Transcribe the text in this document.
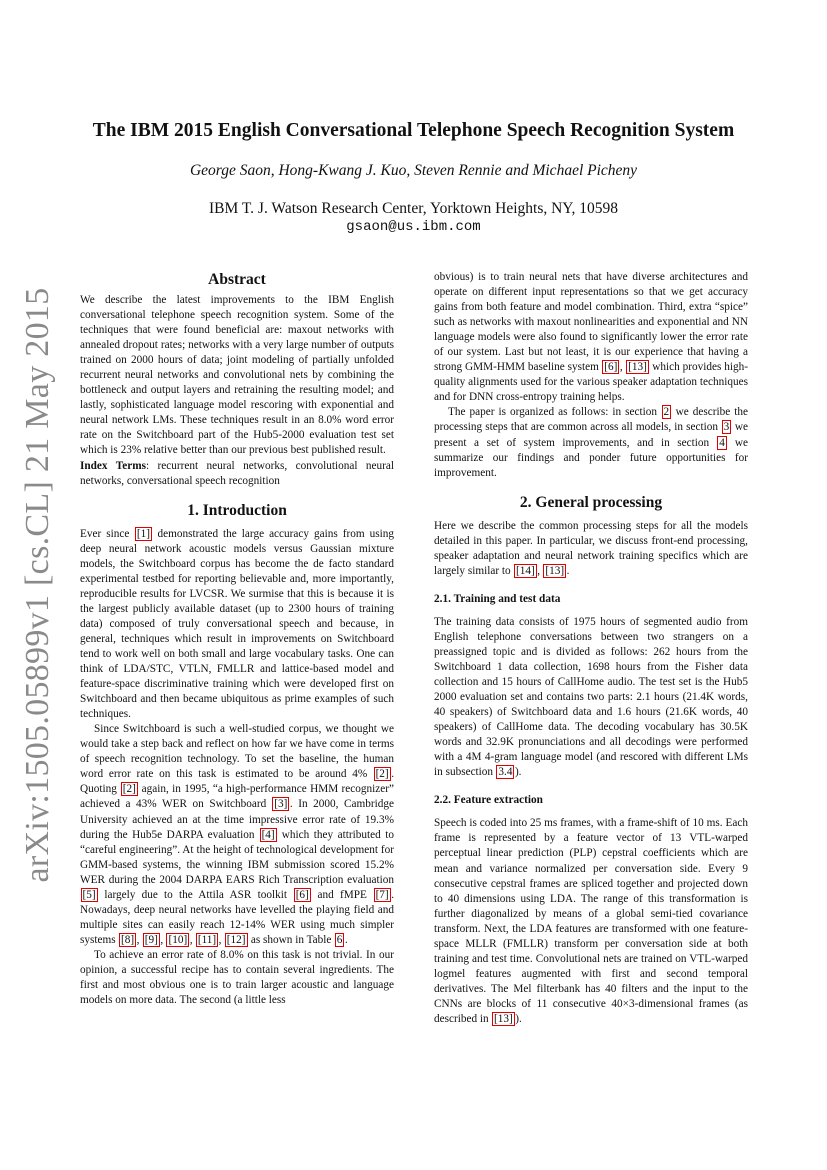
arXiv:1505.05899v1 [cs.CL] 21 May 2015
The IBM 2015 English Conversational Telephone Speech Recognition System
George Saon, Hong-Kwang J. Kuo, Steven Rennie and Michael Picheny
IBM T. J. Watson Research Center, Yorktown Heights, NY, 10598
gsaon@us.ibm.com
Abstract

We describe the latest improvements to the IBM English conversational telephone speech recognition system. Some of the techniques that were found beneficial are: maxout networks with annealed dropout rates; networks with a very large number of outputs trained on 2000 hours of data; joint modeling of partially unfolded recurrent neural networks and convolutional nets by combining the bottleneck and output layers and retraining the resulting model; and lastly, sophisticated language model rescoring with exponential and neural network LMs. These techniques result in an 8.0% word error rate on the Switchboard part of the Hub5-2000 evaluation test set which is 23% relative better than our previous best published result.

Index Terms: recurrent neural networks, convolutional neural networks, conversational speech recognition

1. Introduction

Ever since [1] demonstrated the large accuracy gains from using deep neural network acoustic models versus Gaussian mixture models, the Switchboard corpus has become the de facto standard experimental testbed for reporting believable and, more importantly, reproducible results for LVCSR. We surmise that this is because it is the largest publicly available dataset (up to 2300 hours of training data) composed of truly conversational speech and because, in general, techniques which result in improvements on Switchboard tend to work well on both small and large vocabulary tasks. One can think of LDA/STC, VTLN, FMLLR and lattice-based model and feature-space discriminative training which were developed first on Switchboard and then became ubiquitous as prime examples of such techniques.

Since Switchboard is such a well-studied corpus, we thought we would take a step back and reflect on how far we have come in terms of speech recognition technology. To set the baseline, the human word error rate on this task is estimated to be around 4% [2] . Quoting [2] again, in 1995, “a high-performance HMM recognizer” achieved a 43% WER on Switchboard [3] . In 2000, Cambridge University achieved an at the time impressive error rate of 19.3% during the Hub5e DARPA evaluation [4] which they attributed to “careful engineering”. At the height of technological development for GMM-based systems, the winning IBM submission scored 15.2% WER during the 2004 DARPA EARS Rich Transcription evaluation [5] largely due to the Attila ASR toolkit [6] and fMPE [7] . Nowadays, deep neural networks have levelled the playing field and multiple sites can easily reach 12-14% WER using much simpler systems [8] , [9] , [10] , [11] , [12] as shown in Table 6 .

To achieve an error rate of 8.0% on this task is not trivial. In our opinion, a successful recipe has to contain several ingredients. The first and most obvious one is to train larger acoustic and language models on more data. The second (a little less

obvious) is to train neural nets that have diverse architectures and operate on different input representations so that we get accuracy gains from both feature and model combination. Third, extra “spice” such as networks with maxout nonlinearities and exponential and NN language models were also found to significantly lower the error rate of our system. Last but not least, it is our experience that having a strong GMM-HMM baseline system [6] , [13] which provides high-quality alignments used for the various speaker adaptation techniques and for DNN cross-entropy training helps.

The paper is organized as follows: in section 2 we describe the processing steps that are common across all models, in section 3 we present a set of system improvements, and in section 4 we summarize our findings and ponder future opportunities for improvement.

2. General processing

Here we describe the common processing steps for all the models detailed in this paper. In particular, we discuss front-end processing, speaker adaptation and neural network training specifics which are largely similar to [14] , [13] .

2.1. Training and test data

The training data consists of 1975 hours of segmented audio from English telephone conversations between two strangers on a preassigned topic and is divided as follows: 262 hours from the Switchboard 1 data collection, 1698 hours from the Fisher data collection and 15 hours of CallHome audio. The test set is the Hub5 2000 evaluation set and contains two parts: 2.1 hours (21.4K words, 40 speakers) of Switchboard data and 1.6 hours (21.6K words, 40 speakers) of CallHome data. The decoding vocabulary has 30.5K words and 32.9K pronunciations and all decodings were performed with a 4M 4-gram language model (and rescored with different LMs in subsection 3.4 ).

2.2. Feature extraction

Speech is coded into 25 ms frames, with a frame-shift of 10 ms. Each frame is represented by a feature vector of 13 VTL-warped perceptual linear prediction (PLP) cepstral coefficients which are mean and variance normalized per conversation side. Every 9 consecutive cepstral frames are spliced together and projected down to 40 dimensions using LDA. The range of this transformation is further diagonalized by means of a global semi-tied covariance transform. Next, the LDA features are transformed with one feature-space MLLR (FMLLR) transform per conversation side at both training and test time. Convolutional nets are trained on VTL-warped logmel features augmented with first and second temporal derivatives. The Mel filterbank has 40 filters and the input to the CNNs are blocks of 11 consecutive 40×3-dimensional frames (as described in [13] ).
